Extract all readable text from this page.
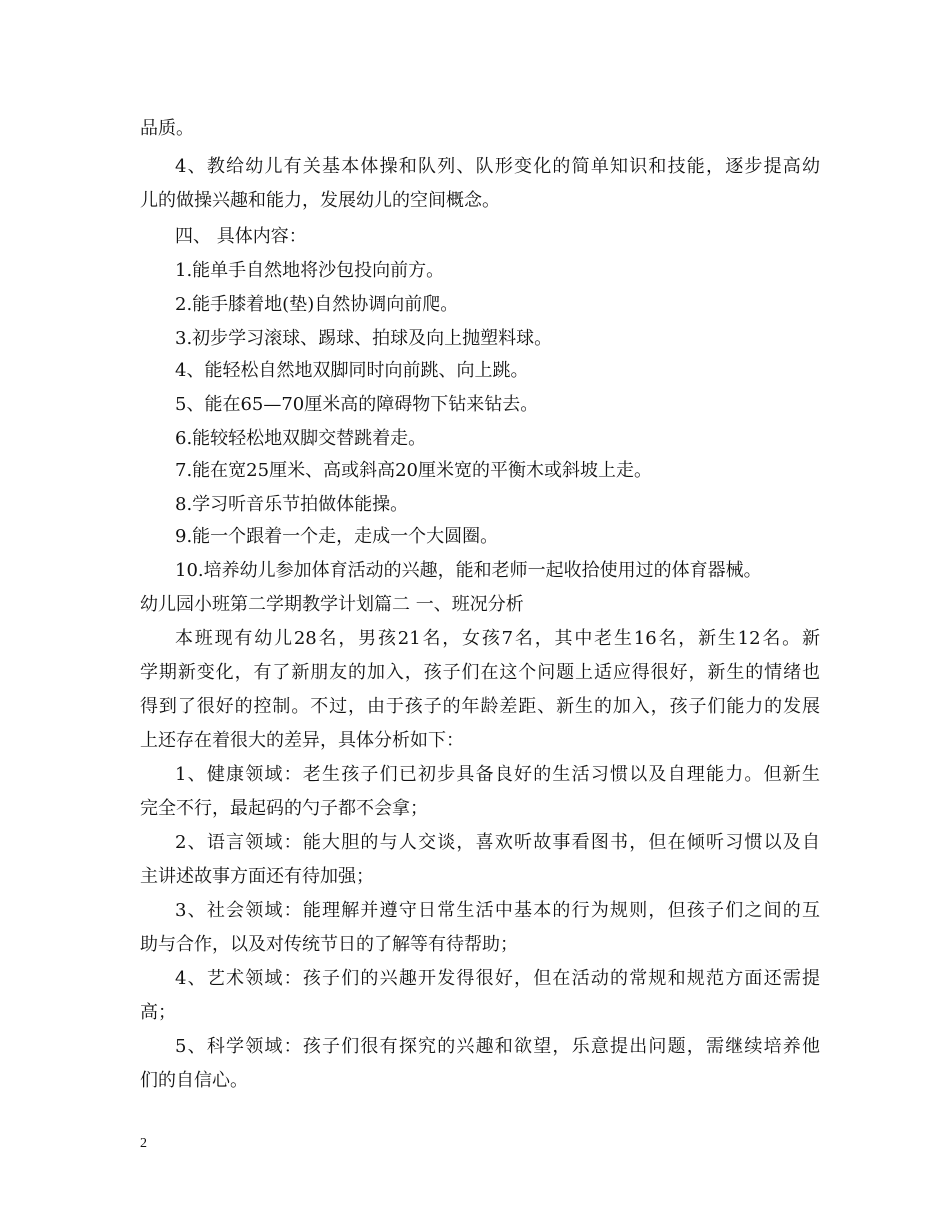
品质。
4、教给幼儿有关基本体操和队列、队形变化的简单知识和技能，逐步提高幼
儿的做操兴趣和能力，发展幼儿的空间概念。
四、 具体内容：
1.能单手自然地将沙包投向前方。
2.能手膝着地(垫)自然协调向前爬。
3.初步学习滚球、踢球、拍球及向上抛塑料球。
4、能轻松自然地双脚同时向前跳、向上跳。
5、能在65—70厘米高的障碍物下钻来钻去。
6.能较轻松地双脚交替跳着走。
7.能在宽25厘米、高或斜高20厘米宽的平衡木或斜坡上走。
8.学习听音乐节拍做体能操。
9.能一个跟着一个走，走成一个大圆圈。
10.培养幼儿参加体育活动的兴趣，能和老师一起收拾使用过的体育器械。
幼儿园小班第二学期教学计划篇二 一、班况分析
本班现有幼儿28名，男孩21名，女孩7名，其中老生16名，新生12名。新
学期新变化，有了新朋友的加入，孩子们在这个问题上适应得很好，新生的情绪也
得到了很好的控制。不过，由于孩子的年龄差距、新生的加入，孩子们能力的发展
上还存在着很大的差异，具体分析如下：
1、健康领域：老生孩子们已初步具备良好的生活习惯以及自理能力。但新生
完全不行，最起码的勺子都不会拿；
2、语言领域：能大胆的与人交谈，喜欢听故事看图书，但在倾听习惯以及自
主讲述故事方面还有待加强；
3、社会领域：能理解并遵守日常生活中基本的行为规则，但孩子们之间的互
助与合作，以及对传统节日的了解等有待帮助；
4、艺术领域：孩子们的兴趣开发得很好，但在活动的常规和规范方面还需提
高；
5、科学领域：孩子们很有探究的兴趣和欲望，乐意提出问题，需继续培养他
们的自信心。
2
